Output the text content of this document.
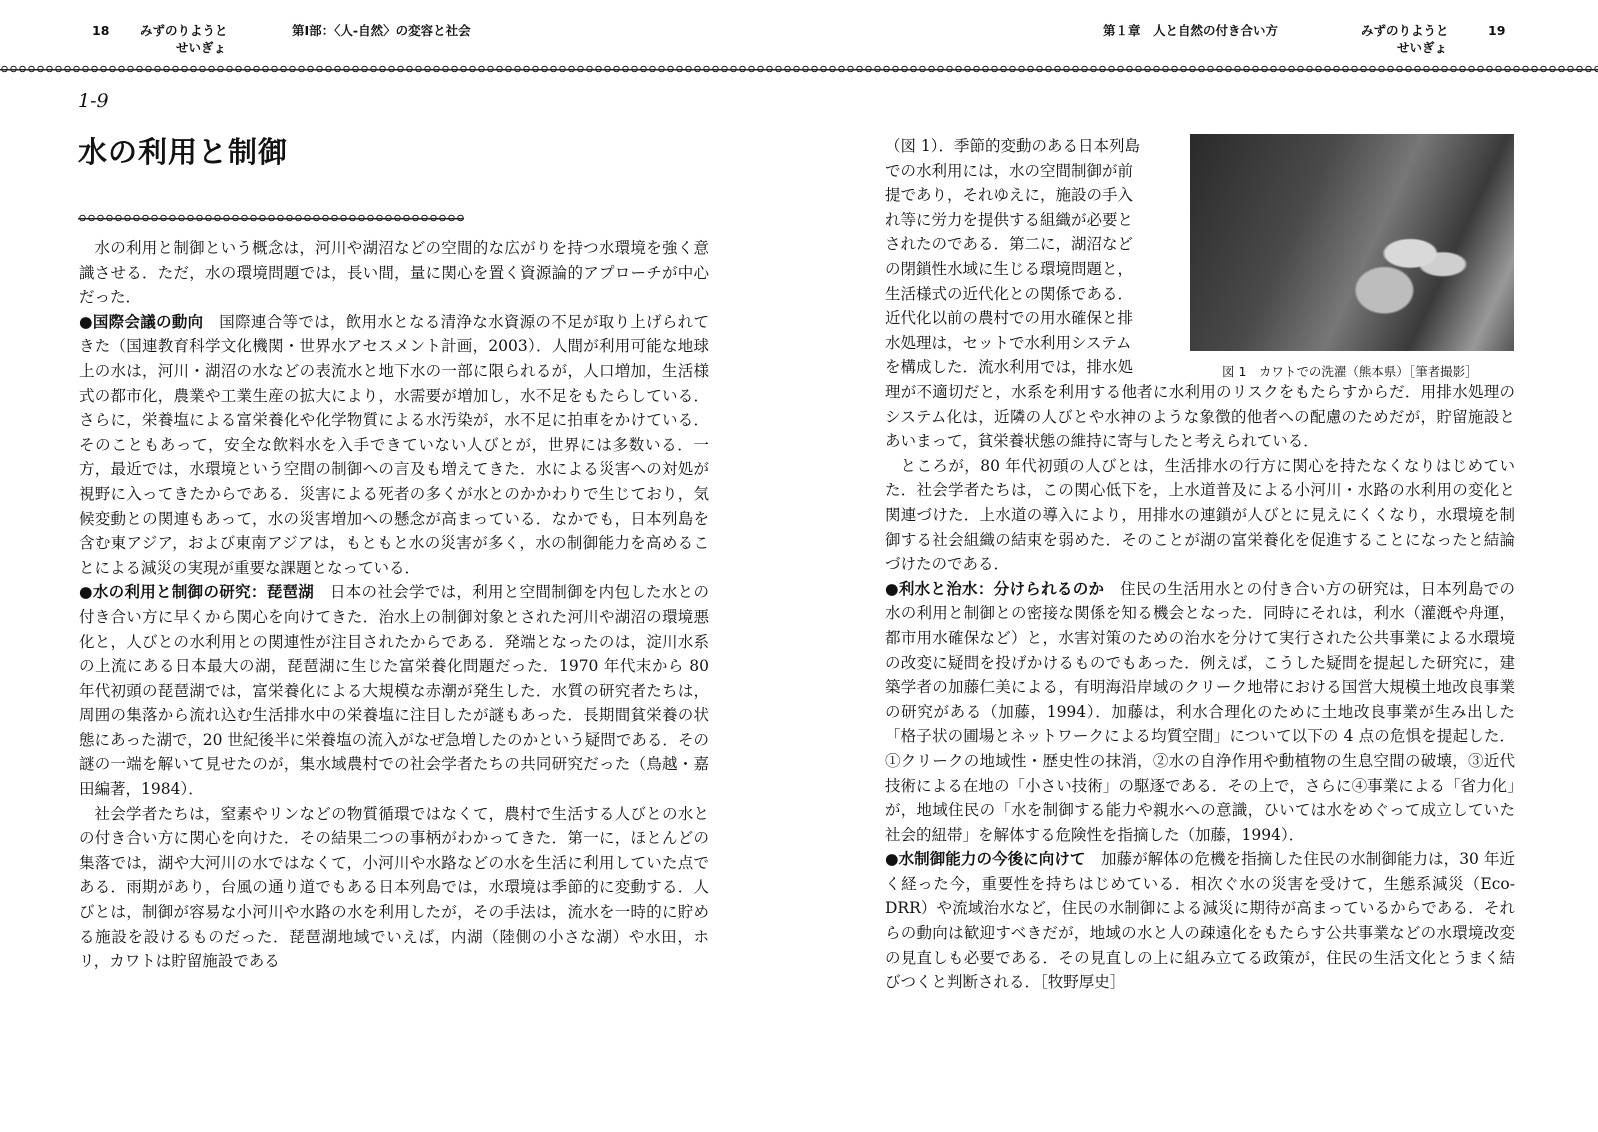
18 みずのりようと
せいぎょ
第Ⅰ部：〈人-自然〉の変容と社会	第１章　人と自然の付き合い方	みずのりようと
せいぎょ
19
1-9
水の利用と制御

水の利用と制御という概念は，河川や湖沼などの空間的な広がりを持つ水環境を強く意識させる．ただ，水の環境問題では，長い間，量に関心を置く資源論的アプローチが中心だった．

●国際会議の動向　 国際連合等では，飲用水となる清浄な水資源の不足が取り上げられてきた（国連教育科学文化機関・世界水アセスメント計画，2003）．人間が利用可能な地球上の水は，河川・湖沼の水などの表流水と地下水の一部に限られるが，人口増加，生活様式の都市化，農業や工業生産の拡大により，水需要が増加し，水不足をもたらしている．さらに，栄養塩による富栄養化や化学物質による水汚染が，水不足に拍車をかけている．そのこともあって，安全な飲料水を入手できていない人びとが，世界には多数いる．一方，最近では，水環境という空間の制御への言及も増えてきた．水による災害への対処が視野に入ってきたからである．災害による死者の多くが水とのかかわりで生じており，気候変動との関連もあって，水の災害増加への懸念が高まっている．なかでも，日本列島を含む東アジア，および東南アジアは，もともと水の災害が多く，水の制御能力を高めることによる減災の実現が重要な課題となっている．

●水の利用と制御の研究：琵琶湖　 日本の社会学では，利用と空間制御を内包した水との付き合い方に早くから関心を向けてきた．治水上の制御対象とされた河川や湖沼の環境悪化と，人びとの水利用との関連性が注目されたからである．発端となったのは，淀川水系の上流にある日本最大の湖，琵琶湖に生じた富栄養化問題だった．1970 年代末から 80 年代初頭の琵琶湖では，富栄養化による大規模な赤潮が発生した．水質の研究者たちは，周囲の集落から流れ込む生活排水中の栄養塩に注目したが謎もあった．長期間貧栄養の状態にあった湖で，20 世紀後半に栄養塩の流入がなぜ急増したのかという疑問である．その謎の一端を解いて見せたのが，集水域農村での社会学者たちの共同研究だった（鳥越・嘉田編著，1984）．

社会学者たちは，窒素やリンなどの物質循環ではなくて，農村で生活する人びとの水との付き合い方に関心を向けた．その結果二つの事柄がわかってきた．第一に，ほとんどの集落では，湖や大河川の水ではなくて，小河川や水路などの水を生活に利用していた点である．雨期があり，台風の通り道でもある日本列島では，水環境は季節的に変動する．人びとは，制御が容易な小河川や水路の水を利用したが，その手法は，流水を一時的に貯める施設を設けるものだった．琵琶湖地域でいえば，内湖（陸側の小さな湖）や水田，ホリ，カワトは貯留施設である

（図 1）．季節的変動のある日本列島
での水利用には，水の空間制御が前
提であり，それゆえに，施設の手入
れ等に労力を提供する組織が必要と
されたのである．第二に，湖沼など
の閉鎖性水域に生じる環境問題と，
生活様式の近代化との関係である．
近代化以前の農村での用水確保と排
水処理は，セットで水利用システム
を構成した．流水利用では，排水処	図 1　カワトでの洗濯（熊本県）［筆者撮影］

理が不適切だと，水系を利用する他者に水利用のリスクをもたらすからだ．用排水処理のシステム化は，近隣の人びとや水神のような象徴的他者への配慮のためだが，貯留施設とあいまって，貧栄養状態の維持に寄与したと考えられている．

ところが，80 年代初頭の人びとは，生活排水の行方に関心を持たなくなりはじめていた．社会学者たちは，この関心低下を，上水道普及による小河川・水路の水利用の変化と関連づけた．上水道の導入により，用排水の連鎖が人びとに見えにくくなり，水環境を制御する社会組織の結束を弱めた．そのことが湖の富栄養化を促進することになったと結論づけたのである．

●利水と治水：分けられるのか　 住民の生活用水との付き合い方の研究は，日本列島での水の利用と制御との密接な関係を知る機会となった．同時にそれは，利水（灌漑や舟運，都市用水確保など）と，水害対策のための治水を分けて実行された公共事業による水環境の改変に疑問を投げかけるものでもあった．例えば，こうした疑問を提起した研究に，建築学者の加藤仁美による，有明海沿岸域のクリーク地帯における国営大規模土地改良事業の研究がある（加藤，1994）．加藤は，利水合理化のために土地改良事業が生み出した「格子状の圃場とネットワークによる均質空間」について以下の 4 点の危惧を提起した．①クリークの地域性・歴史性の抹消，②水の自浄作用や動植物の生息空間の破壊，③近代技術による在地の「小さい技術」の駆逐である．その上で，さらに④事業による「省力化」が，地域住民の「水を制御する能力や親水への意識，ひいては水をめぐって成立していた社会的紐帯」を解体する危険性を指摘した（加藤，1994）．

●水制御能力の今後に向けて　 加藤が解体の危機を指摘した住民の水制御能力は，30 年近く経った今，重要性を持ちはじめている．相次ぐ水の災害を受けて，生態系減災（Eco-DRR）や流域治水など，住民の水制御による減災に期待が高まっているからである．それらの動向は歓迎すべきだが，地域の水と人の疎遠化をもたらす公共事業などの水環境改変の見直しも必要である．その見直しの上に組み立てる政策が，住民の生活文化とうまく結びつくと判断される．［牧野厚史］
